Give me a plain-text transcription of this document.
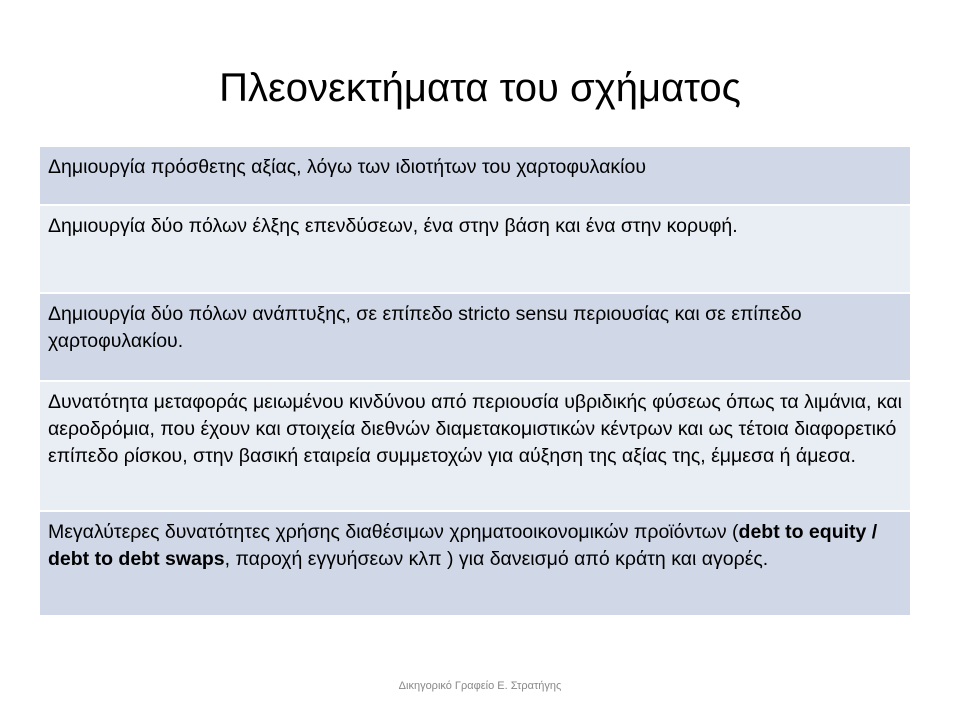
Πλεονεκτήματα του σχήματος
Δημιουργία πρόσθετης αξίας, λόγω των ιδιοτήτων του χαρτοφυλακίου
Δημιουργία δύο πόλων έλξης επενδύσεων, ένα στην βάση και ένα στην κορυφή.
Δημιουργία δύο πόλων ανάπτυξης, σε επίπεδο stricto sensu περιουσίας και σε επίπεδο χαρτοφυλακίου.
Δυνατότητα μεταφοράς μειωμένου κινδύνου από περιουσία υβριδικής φύσεως όπως τα λιμάνια, και αεροδρόμια, που έχουν και στοιχεία διεθνών διαμετακομιστικών κέντρων και ως τέτοια διαφορετικό επίπεδο ρίσκου, στην βασική εταιρεία συμμετοχών για αύξηση της αξίας της, έμμεσα ή άμεσα.
Μεγαλύτερες δυνατότητες χρήσης διαθέσιμων χρηματοοικονομικών προϊόντων (debt to equity / debt to debt swaps, παροχή εγγυήσεων κλπ ) για δανεισμό από κράτη και αγορές.
Δικηγορικό Γραφείο Ε. Στρατήγης
